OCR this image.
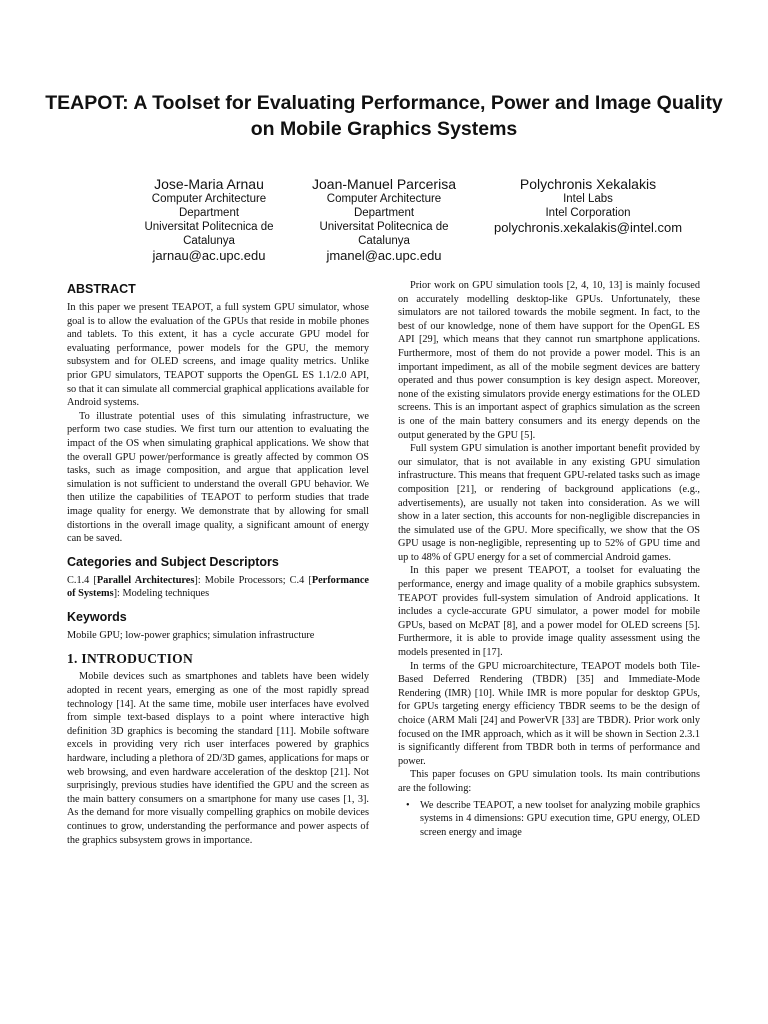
TEAPOT: A Toolset for Evaluating Performance, Power and Image Quality on Mobile Graphics Systems
Jose-Maria Arnau
Computer Architecture
Department
Universitat Politecnica de
Catalunya
jarnau@ac.upc.edu
Joan-Manuel Parcerisa
Computer Architecture
Department
Universitat Politecnica de
Catalunya
jmanel@ac.upc.edu
Polychronis Xekalakis
Intel Labs
Intel Corporation
polychronis.xekalakis@intel.com
ABSTRACT

In this paper we present TEAPOT, a full system GPU simulator, whose goal is to allow the evaluation of the GPUs that reside in mobile phones and tablets. To this extent, it has a cycle accurate GPU model for evaluating performance, power models for the GPU, the memory subsystem and for OLED screens, and image quality metrics. Unlike prior GPU simulators, TEAPOT supports the OpenGL ES 1.1/2.0 API, so that it can simulate all commercial graphical applications available for Android systems.

To illustrate potential uses of this simulating infrastructure, we perform two case studies. We first turn our attention to evaluating the impact of the OS when simulating graphical applications. We show that the overall GPU power/performance is greatly affected by common OS tasks, such as image composition, and argue that application level simulation is not sufficient to understand the overall GPU behavior. We then utilize the capabilities of TEAPOT to perform studies that trade image quality for energy. We demonstrate that by allowing for small distortions in the overall image quality, a significant amount of energy can be saved.

Categories and Subject Descriptors

C.1.4 [Parallel Architectures]: Mobile Processors; C.4 [Performance of Systems]: Modeling techniques

Keywords

Mobile GPU; low-power graphics; simulation infrastructure

1. INTRODUCTION

Mobile devices such as smartphones and tablets have been widely adopted in recent years, emerging as one of the most rapidly spread technology [14]. At the same time, mobile user interfaces have evolved from simple text-based displays to a point where interactive high definition 3D graphics is becoming the standard [11]. Mobile software excels in providing very rich user interfaces powered by graphics hardware, including a plethora of 2D/3D games, applications for maps or web browsing, and even hardware acceleration of the desktop [21]. Not surprisingly, previous studies have identified the GPU and the screen as the main battery consumers on a smartphone for many use cases [1, 3]. As the demand for more visually compelling graphics on mobile devices continues to grow, understanding the performance and power aspects of the graphics subsystem grows in importance.

Prior work on GPU simulation tools [2, 4, 10, 13] is mainly focused on accurately modelling desktop-like GPUs. Unfortunately, these simulators are not tailored towards the mobile segment. In fact, to the best of our knowledge, none of them have support for the OpenGL ES API [29], which means that they cannot run smartphone applications. Furthermore, most of them do not provide a power model. This is an important impediment, as all of the mobile segment devices are battery operated and thus power consumption is key design aspect. Moreover, none of the existing simulators provide energy estimations for the OLED screens. This is an important aspect of graphics simulation as the screen is one of the main battery consumers and its energy depends on the output generated by the GPU [5].

Full system GPU simulation is another important benefit provided by our simulator, that is not available in any existing GPU simulation infrastructure. This means that frequent GPU-related tasks such as image composition [21], or rendering of background applications (e.g., advertisements), are usually not taken into consideration. As we will show in a later section, this accounts for non-negligible discrepancies in the simulated use of the GPU. More specifically, we show that the OS GPU usage is non-negligible, representing up to 52% of GPU time and up to 48% of GPU energy for a set of commercial Android games.

In this paper we present TEAPOT, a toolset for evaluating the performance, energy and image quality of a mobile graphics subsystem. TEAPOT provides full-system simulation of Android applications. It includes a cycle-accurate GPU simulator, a power model for mobile GPUs, based on McPAT [8], and a power model for OLED screens [5]. Furthermore, it is able to provide image quality assessment using the models presented in [17].

In terms of the GPU microarchitecture, TEAPOT models both Tile-Based Deferred Rendering (TBDR) [35] and Immediate-Mode Rendering (IMR) [10]. While IMR is more popular for desktop GPUs, for GPUs targeting energy efficiency TBDR seems to be the design of choice (ARM Mali [24] and PowerVR [33] are TBDR). Prior work only focused on the IMR approach, which as it will be shown in Section 2.3.1 is significantly different from TBDR both in terms of performance and power.

This paper focuses on GPU simulation tools. Its main contributions are the following:

• We describe TEAPOT, a new toolset for analyzing mobile graphics systems in 4 dimensions: GPU execution time, GPU energy, OLED screen energy and image
